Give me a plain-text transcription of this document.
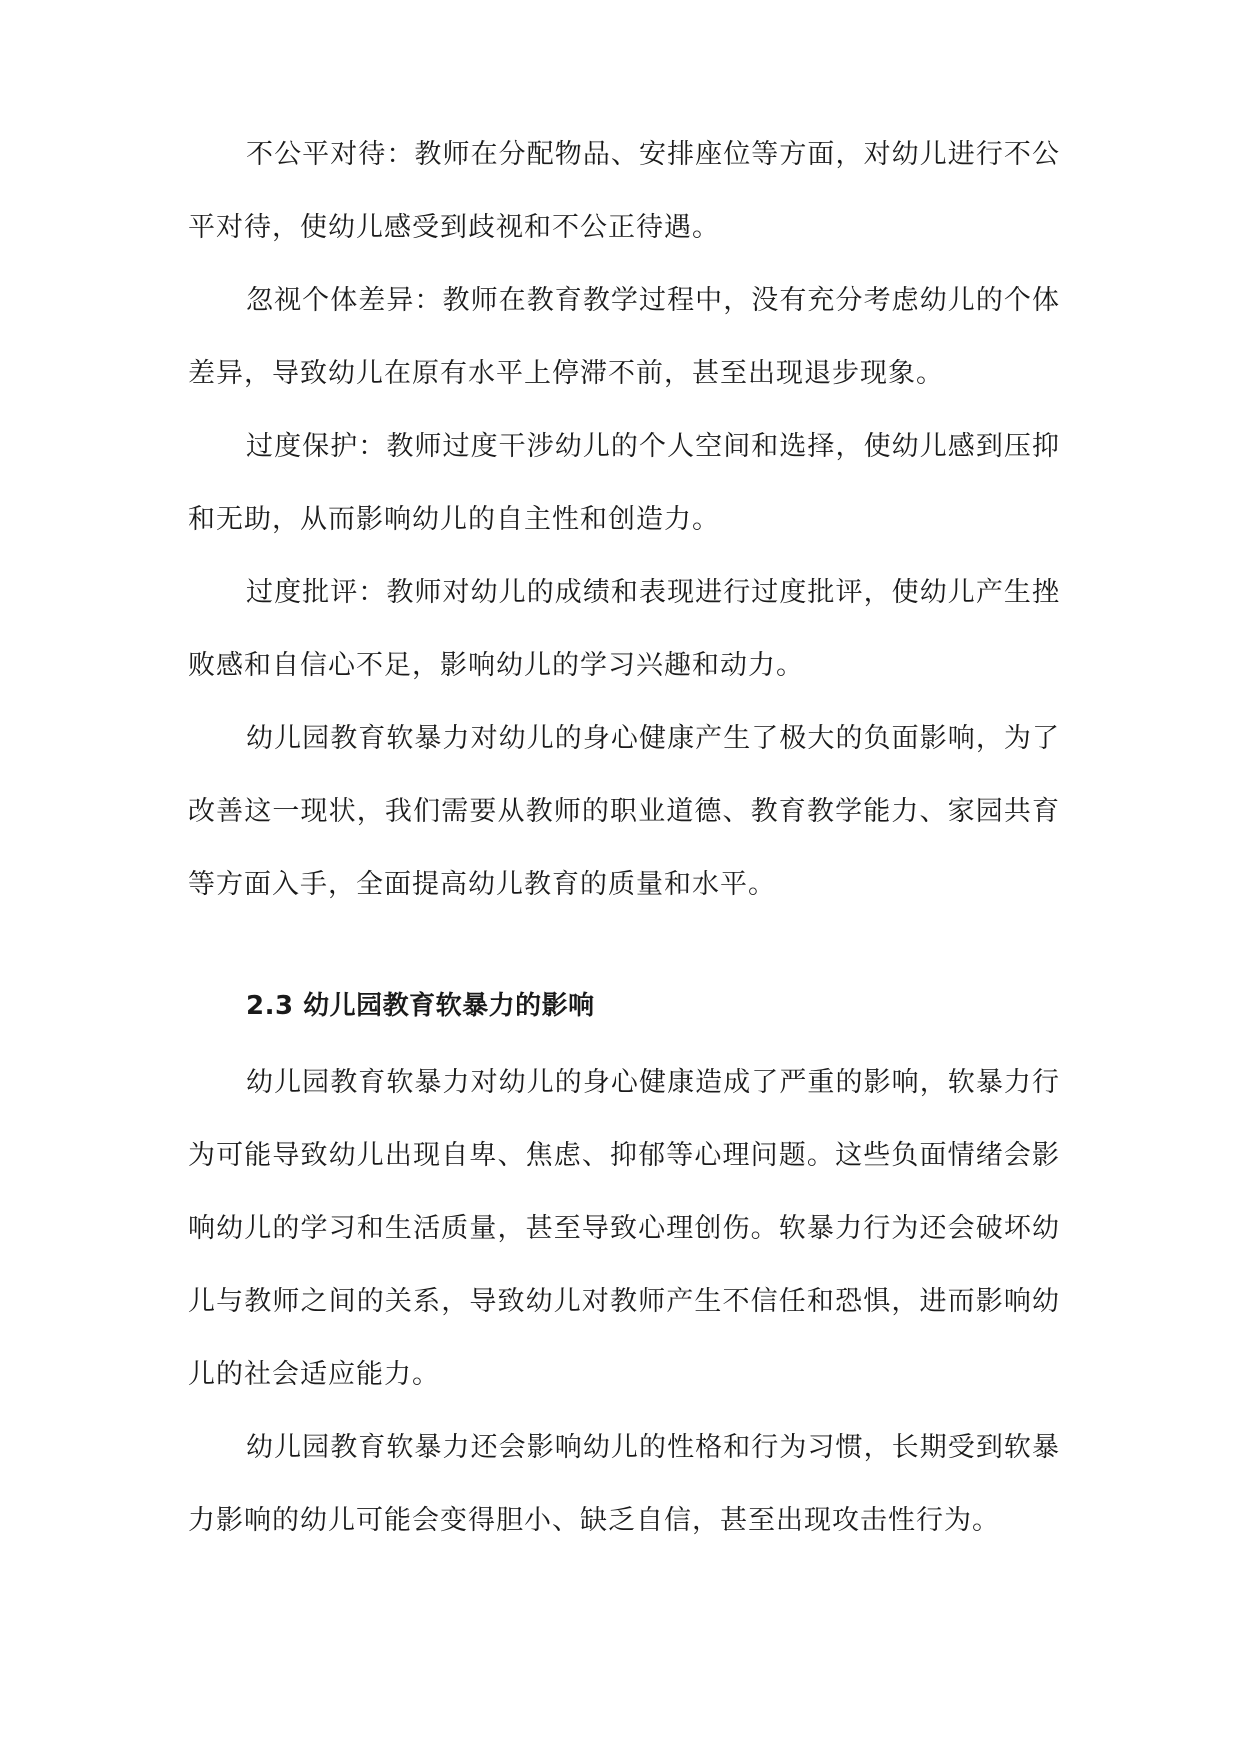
不公平对待：教师在分配物品、安排座位等方面，对幼儿进行不公平对待，使幼儿感受到歧视和不公正待遇。

忽视个体差异：教师在教育教学过程中，没有充分考虑幼儿的个体差异，导致幼儿在原有水平上停滞不前，甚至出现退步现象。

过度保护：教师过度干涉幼儿的个人空间和选择，使幼儿感到压抑和无助，从而影响幼儿的自主性和创造力。

过度批评：教师对幼儿的成绩和表现进行过度批评，使幼儿产生挫败感和自信心不足，影响幼儿的学习兴趣和动力。

幼儿园教育软暴力对幼儿的身心健康产生了极大的负面影响，为了改善这一现状，我们需要从教师的职业道德、教育教学能力、家园共育等方面入手，全面提高幼儿教育的质量和水平。

2.3 幼儿园教育软暴力的影响

幼儿园教育软暴力对幼儿的身心健康造成了严重的影响，软暴力行为可能导致幼儿出现自卑、焦虑、抑郁等心理问题。这些负面情绪会影响幼儿的学习和生活质量，甚至导致心理创伤。软暴力行为还会破坏幼儿与教师之间的关系，导致幼儿对教师产生不信任和恐惧，进而影响幼儿的社会适应能力。

幼儿园教育软暴力还会影响幼儿的性格和行为习惯，长期受到软暴力影响的幼儿可能会变得胆小、缺乏自信，甚至出现攻击性行为。
